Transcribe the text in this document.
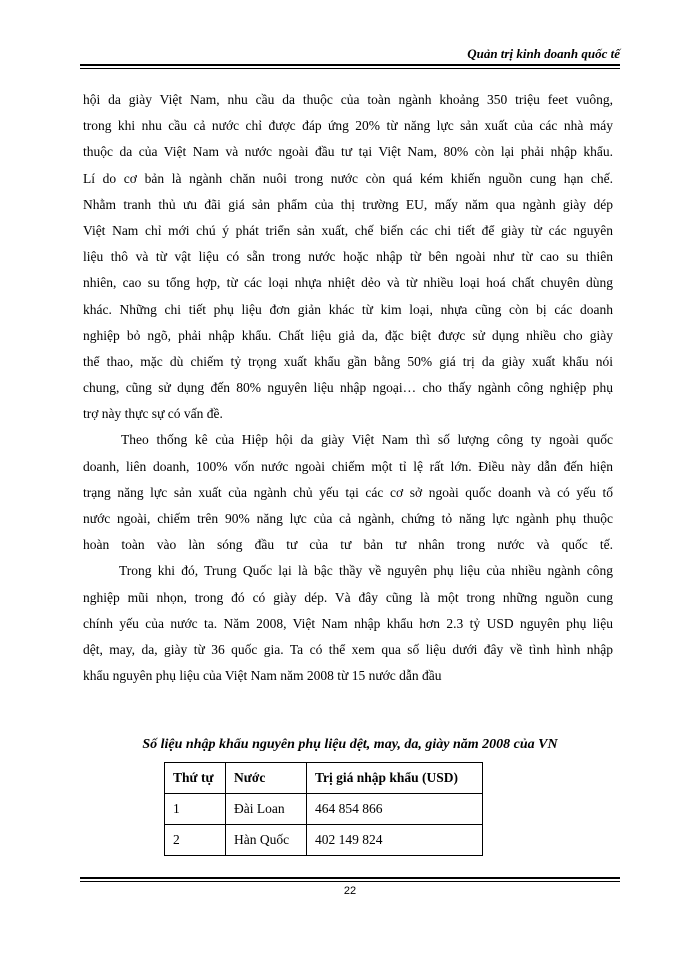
Quản trị kinh doanh quốc tế
hội da giày Việt Nam, nhu cầu da thuộc của toàn ngành khoảng 350 triệu feet vuông,
trong khi nhu cầu cả nước chỉ được đáp ứng 20% từ năng lực sản xuất của các nhà máy
thuộc da của Việt Nam và nước ngoài đầu tư tại Việt Nam, 80% còn lại phải nhập khẩu.
Lí do cơ bản là ngành chăn nuôi trong nước còn quá kém khiến nguồn cung hạn chế.
Nhằm tranh thủ ưu đãi giá sản phẩm của thị trường EU, mấy năm qua ngành giày dép
Việt Nam chỉ mới chú ý phát triển sản xuất, chế biến các chi tiết để giày từ các nguyên
liệu thô và từ vật liệu có sẵn trong nước hoặc nhập từ bên ngoài như từ cao su thiên
nhiên, cao su tổng hợp, từ các loại nhựa nhiệt dẻo và từ nhiều loại hoá chất chuyên dùng
khác. Những chi tiết phụ liệu đơn giản khác từ kim loại, nhựa cũng còn bị các doanh
nghiệp bỏ ngõ, phải nhập khẩu. Chất liệu giả da, đặc biệt được sử dụng nhiều cho giày
thể thao, mặc dù chiếm tỷ trọng xuất khẩu gần bằng 50% giá trị da giày xuất khẩu nói
chung, cũng sử dụng đến 80% nguyên liệu nhập ngoại… cho thấy ngành công nghiệp phụ
trợ này thực sự có vấn đề.
Theo thống kê của Hiệp hội da giày Việt Nam thì số lượng công ty ngoài quốc
doanh, liên doanh, 100% vốn nước ngoài chiếm một tỉ lệ rất lớn. Điều này dẫn đến hiện
trạng năng lực sản xuất của ngành chủ yếu tại các cơ sở ngoài quốc doanh và có yếu tố
nước ngoài, chiếm trên 90% năng lực của cả ngành, chứng tỏ năng lực ngành phụ thuộc
hoàn toàn vào làn sóng đầu tư của tư bản tư nhân trong nước và quốc tế.
Trong khi đó, Trung Quốc lại là bậc thầy về nguyên phụ liệu của nhiều ngành công
nghiệp mũi nhọn, trong đó có giày dép. Và đây cũng là một trong những nguồn cung
chính yếu của nước ta. Năm 2008, Việt Nam nhập khẩu hơn 2.3 tỷ USD nguyên phụ liệu
dệt, may, da, giày từ 36 quốc gia. Ta có thể xem qua số liệu dưới đây về tình hình nhập
khẩu nguyên phụ liệu của Việt Nam năm 2008 từ 15 nước dẫn đầu
Số liệu nhập khẩu nguyên phụ liệu dệt, may, da, giày năm 2008 của VN
Thứ tự	Nước	Trị giá nhập khẩu (USD)
1	Đài Loan	464 854 866
2	Hàn Quốc	402 149 824
22
